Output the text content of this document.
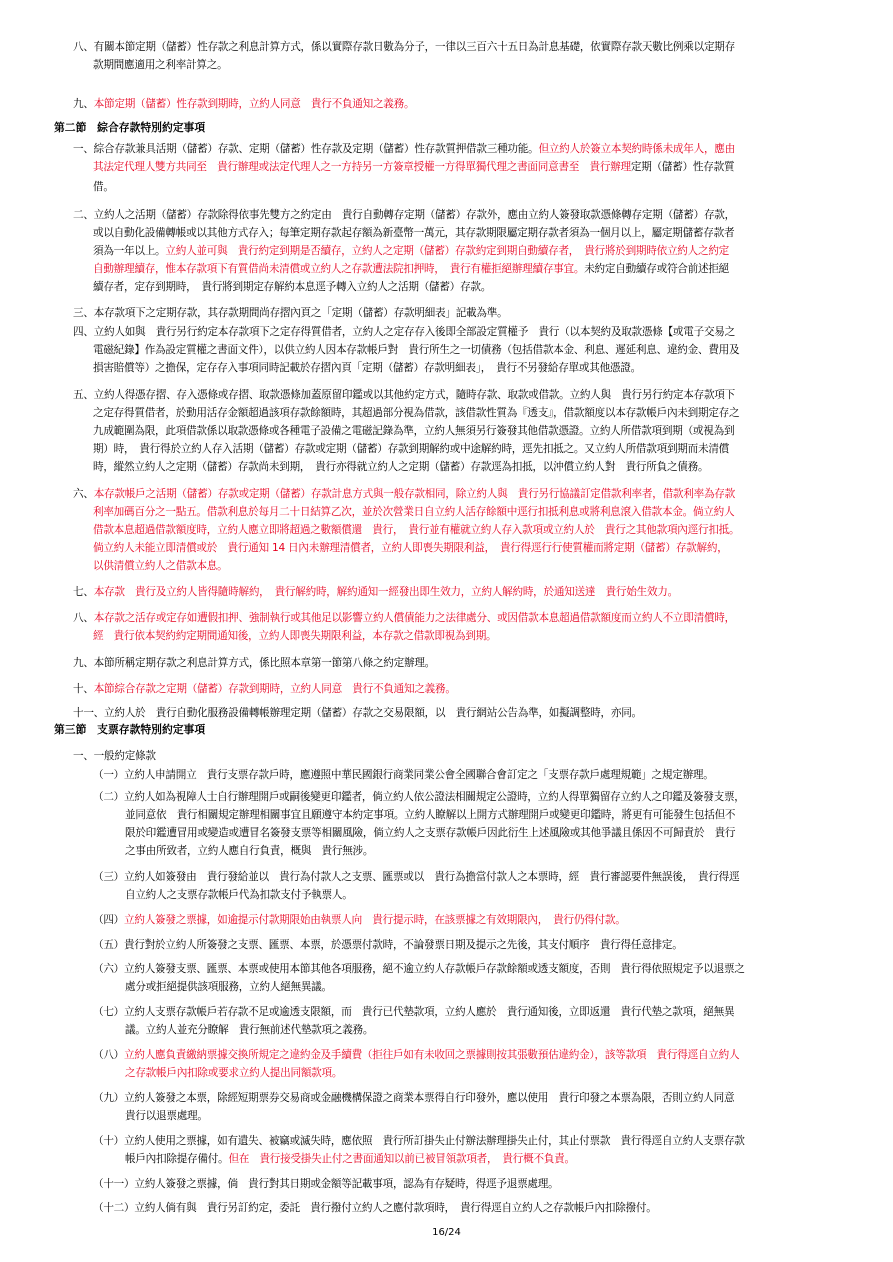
第二節　綜合存款特別約定事項
第三節　支票存款特別約定事項
16/24
八、有關本節定期（儲蓄）性存款之利息計算方式，係以實際存款日數為分子，一律以三百六十五日為計息基礎，依實際存款天數比例乘以定期存
款期間應適用之利率計算之。
九、本節定期（儲蓄）性存款到期時，立約人同意　貴行不負通知之義務。
一、綜合存款兼具活期（儲蓄）存款、定期（儲蓄）性存款及定期（儲蓄）性存款質押借款三種功能。但立約人於簽立本契約時係未成年人，應由
其法定代理人雙方共同至　貴行辦理或法定代理人之一方持另一方簽章授權一方得單獨代理之書面同意書至　貴行辦理定期（儲蓄）性存款質
借。
二、立約人之活期（儲蓄）存款除得依事先雙方之約定由　貴行自動轉存定期（儲蓄）存款外，應由立約人簽發取款憑條轉存定期（儲蓄）存款，
或以自動化設備轉帳或以其他方式存入；每筆定期存款起存額為新臺幣一萬元，其存款期限屬定期存款者須為一個月以上，屬定期儲蓄存款者
須為一年以上。立約人並可與　貴行約定到期是否續存，立約人之定期（儲蓄）存款約定到期自動續存者，　貴行將於到期時依立約人之約定
自動辦理續存，惟本存款項下有質借尚未清償或立約人之存款遭法院扣押時，　貴行有權拒絕辦理續存事宜。未約定自動續存或符合前述拒絕
續存者，定存到期時，　貴行將到期定存解約本息逕予轉入立約人之活期（儲蓄）存款。
三、本存款項下之定期存款，其存款期間尚存摺內頁之「定期（儲蓄）存款明細表」記載為準。
四、立約人如與　貴行另行約定本存款項下之定存得質借者，立約人之定存存入後即全部設定質權予　貴行（以本契約及取款憑條【或電子交易之
電磁紀錄】作為設定質權之書面文件），以供立約人因本存款帳戶對　貴行所生之一切債務（包括借款本金、利息、遲延利息、違約金、費用及
損害賠償等）之擔保，定存存入事項同時記載於存摺內頁「定期（儲蓄）存款明細表」，　貴行不另發給存單或其他憑證。
五、立約人得憑存摺、存入憑條或存摺、取款憑條加蓋原留印鑑或以其他約定方式，隨時存款、取款或借款。立約人與　貴行另行約定本存款項下
之定存得質借者，於動用活存金額超過該項存款餘額時，其超過部分視為借款，該借款性質為『透支』，借款額度以本存款帳戶內未到期定存之
九成範圍為限，此項借款係以取款憑條或各種電子設備之電磁記錄為準，立約人無須另行簽發其他借款憑證。立約人所借款項到期（或視為到
期）時，　貴行得於立約人存入活期（儲蓄）存款或定期（儲蓄）存款到期解約或中途解約時，逕先扣抵之。又立約人所借款項到期而未清償
時，縱然立約人之定期（儲蓄）存款尚未到期，　貴行亦得就立約人之定期（儲蓄）存款逕為扣抵，以沖償立約人對　貴行所負之債務。
六、本存款帳戶之活期（儲蓄）存款或定期（儲蓄）存款計息方式與一般存款相同，除立約人與　貴行另行協議訂定借款利率者，借款利率為存款
利率加碼百分之一點五。借款利息於每月二十日結算乙次，並於次營業日自立約人活存餘額中逕行扣抵利息或將利息滾入借款本金。倘立約人
借款本息超過借款額度時，立約人應立即將超過之數額償還　貴行，　貴行並有權就立約人存入款項或立約人於　貴行之其他款項內逕行扣抵。
倘立約人未能立即清償或於　貴行通知 14 日內未辦理清償者，立約人即喪失期限利益，　貴行得逕行行使質權而將定期（儲蓄）存款解約，
以供清償立約人之借款本息。
七、本存款　貴行及立約人皆得隨時解約，　貴行解約時，解約通知一經發出即生效力，立約人解約時，於通知送達　貴行始生效力。
八、本存款之活存或定存如遭假扣押、強制執行或其他足以影響立約人償債能力之法律處分、或因借款本息超過借款額度而立約人不立即清償時，
經　貴行依本契約約定期間通知後，立約人即喪失期限利益，本存款之借款即視為到期。
九、本節所稱定期存款之利息計算方式，係比照本章第一節第八條之約定辦理。
十、本節綜合存款之定期（儲蓄）存款到期時，立約人同意　貴行不負通知之義務。
十一、立約人於　貴行自動化服務設備轉帳辦理定期（儲蓄）存款之交易限額，以　貴行網站公告為準，如擬調整時，亦同。
一、一般約定條款
（一）立約人申請開立　貴行支票存款戶時，應遵照中華民國銀行商業同業公會全國聯合會訂定之「支票存款戶處理規範」之規定辦理。
（二）立約人如為視障人士自行辦理開戶或嗣後變更印鑑者，倘立約人依公證法相關規定公證時，立約人得單獨留存立約人之印鑑及簽發支票，
並同意依　貴行相關規定辦理相關事宜且願遵守本約定事項。立約人瞭解以上開方式辦理開戶或變更印鑑時，將更有可能發生包括但不
限於印鑑遭冒用或變造或遭冒名簽發支票等相關風險，倘立約人之支票存款帳戶因此衍生上述風險或其他爭議且係因不可歸責於　貴行
之事由所致者，立約人應自行負責，概與　貴行無涉。
（三）立約人如簽發由　貴行發給並以　貴行為付款人之支票、匯票或以　貴行為擔當付款人之本票時，經　貴行審認要件無誤後，　貴行得逕
自立約人之支票存款帳戶代為扣款支付予執票人。
（四）立約人簽發之票據，如逾提示付款期限始由執票人向　貴行提示時，在該票據之有效期限內，　貴行仍得付款。
（五）貴行對於立約人所簽發之支票、匯票、本票，於憑票付款時，不論發票日期及提示之先後，其支付順序　貴行得任意排定。
（六）立約人簽發支票、匯票、本票或使用本節其他各項服務，絕不逾立約人存款帳戶存款餘額或透支額度，否則　貴行得依照規定予以退票之
處分或拒絕提供該項服務，立約人絕無異議。
（七）立約人支票存款帳戶若存款不足或逾透支限額，而　貴行已代墊款項，立約人應於　貴行通知後，立即返還　貴行代墊之款項，絕無異
議。立約人並充分瞭解　貴行無前述代墊款項之義務。
（八）立約人應負責繳納票據交換所規定之違約金及手續費（拒往戶如有未收回之票據則按其張數預估違約金），該等款項　貴行得逕自立約人
之存款帳戶內扣除或要求立約人提出同額款項。
（九）立約人簽發之本票，除經短期票券交易商或金融機構保證之商業本票得自行印發外，應以使用　貴行印發之本票為限，否則立約人同意
貴行以退票處理。
（十）立約人使用之票據，如有遺失、被竊或滅失時，應依照　貴行所訂掛失止付辦法辦理掛失止付，其止付票款　貴行得逕自立約人支票存款
帳戶內扣除提存備付。但在　貴行接受掛失止付之書面通知以前已被冒領款項者，　貴行概不負責。
（十一）立約人簽發之票據，倘　貴行對其日期或金額等記載事項，認為有存疑時，得逕予退票處理。
（十二）立約人倘有與　貴行另訂約定，委託　貴行撥付立約人之應付款項時，　貴行得逕自立約人之存款帳戶內扣除撥付。
